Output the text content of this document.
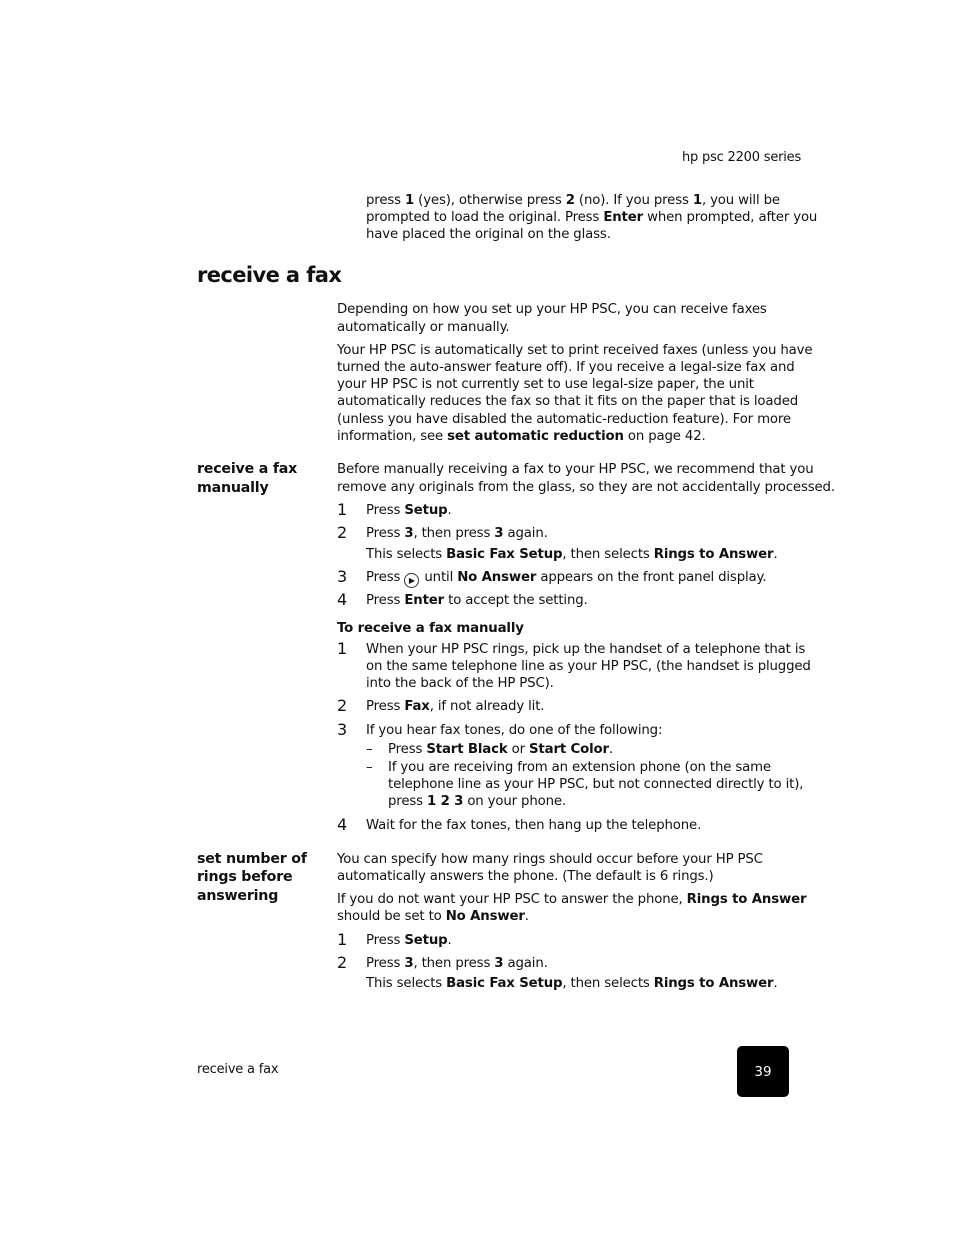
hp psc 2200 series
press 1 (yes), otherwise press 2 (no). If you press 1, you will be
prompted to load the original. Press Enter when prompted, after you
have placed the original on the glass.
receive a fax
Depending on how you set up your HP PSC, you can receive faxes
automatically or manually.
Your HP PSC is automatically set to print received faxes (unless you have
turned the auto-answer feature off). If you receive a legal-size fax and
your HP PSC is not currently set to use legal-size paper, the unit
automatically reduces the fax so that it fits on the paper that is loaded
(unless you have disabled the automatic-reduction feature). For more
information, see set automatic reduction on page 42.
receive a fax
manually
Before manually receiving a fax to your HP PSC, we recommend that you
remove any originals from the glass, so they are not accidentally processed.
1	Press Setup.
2	Press 3, then press 3 again.
This selects Basic Fax Setup, then selects Rings to Answer.
3	Press ▶ until No Answer appears on the front panel display.
4	Press Enter to accept the setting.
To receive a fax manually
1	When your HP PSC rings, pick up the handset of a telephone that is
on the same telephone line as your HP PSC, (the handset is plugged
into the back of the HP PSC).
2	Press Fax, if not already lit.
3	If you hear fax tones, do one of the following:
–	Press Start Black or Start Color.
–	If you are receiving from an extension phone (on the same
telephone line as your HP PSC, but not connected directly to it),
press 1 2 3 on your phone.
4	Wait for the fax tones, then hang up the telephone.
set number of
rings before
answering
You can specify how many rings should occur before your HP PSC
automatically answers the phone. (The default is 6 rings.)
If you do not want your HP PSC to answer the phone, Rings to Answer
should be set to No Answer.
1	Press Setup.
2	Press 3, then press 3 again.
This selects Basic Fax Setup, then selects Rings to Answer.
receive a fax	39
